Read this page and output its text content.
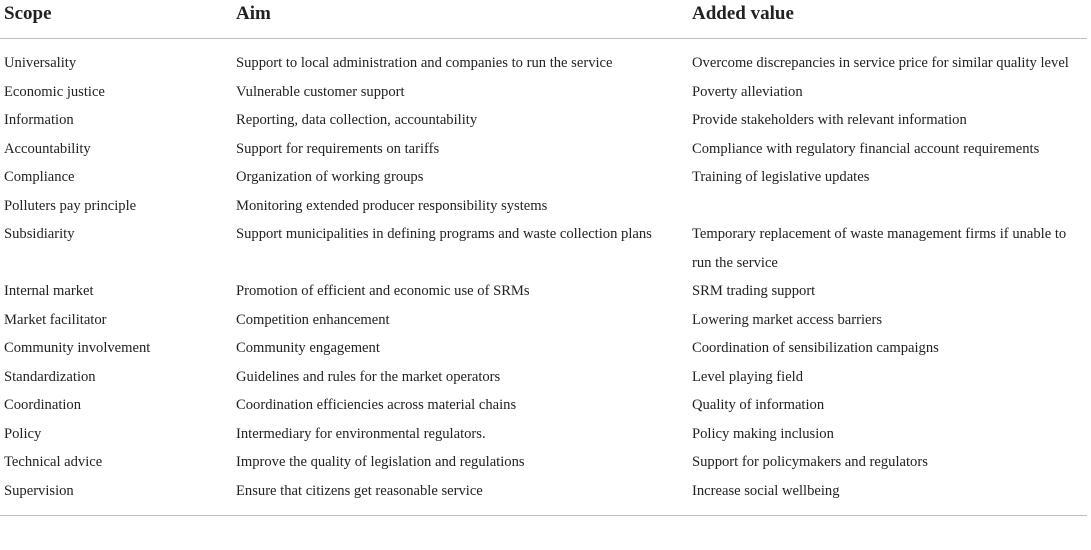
Scope	Aim	Added value
Universality	Support to local administration and companies to run the service	Overcome discrepancies in service price for similar quality level
Economic justice	Vulnerable customer support	Poverty alleviation
Information	Reporting, data collection, accountability	Provide stakeholders with relevant information
Accountability	Support for requirements on tariffs	Compliance with regulatory financial account requirements
Compliance	Organization of working groups	Training of legislative updates
Polluters pay principle	Monitoring extended producer responsibility systems	
Subsidiarity	Support municipalities in defining programs and waste collection plans	Temporary replacement of waste management firms if unable to run the service
Internal market	Promotion of efficient and economic use of SRMs	SRM trading support
Market facilitator	Competition enhancement	Lowering market access barriers
Community involvement	Community engagement	Coordination of sensibilization campaigns
Standardization	Guidelines and rules for the market operators	Level playing field
Coordination	Coordination efficiencies across material chains	Quality of information
Policy	Intermediary for environmental regulators.	Policy making inclusion
Technical advice	Improve the quality of legislation and regulations	Support for policymakers and regulators
Supervision	Ensure that citizens get reasonable service	Increase social wellbeing
